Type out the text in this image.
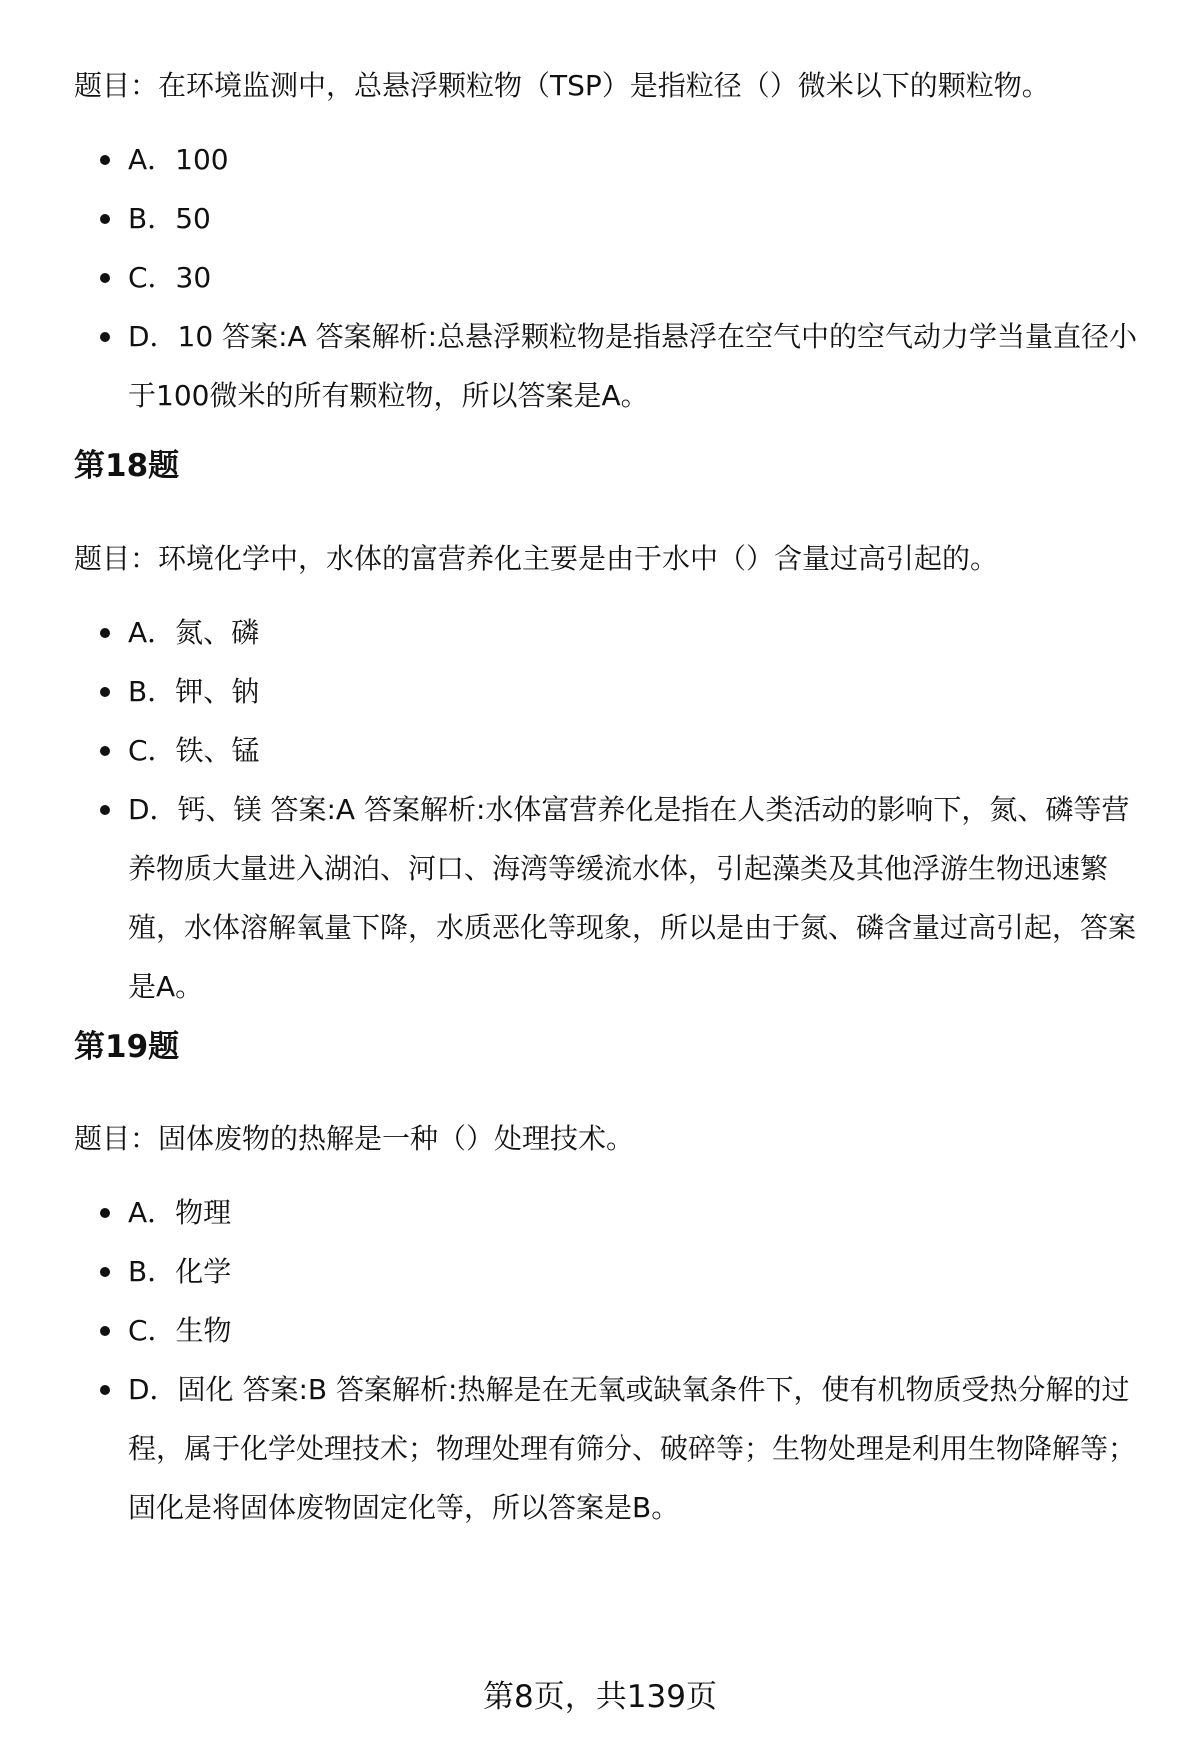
题目：在环境监测中，总悬浮颗粒物（TSP）是指粒径（）微米以下的颗粒物。

A．100
B．50
C．30
D．10 答案:A 答案解析:总悬浮颗粒物是指悬浮在空气中的空气动力学当量直径小于100微米的所有颗粒物，所以答案是A。
第18题

题目：环境化学中，水体的富营养化主要是由于水中（）含量过高引起的。

A．氮、磷
B．钾、钠
C．铁、锰
D．钙、镁 答案:A 答案解析:水体富营养化是指在人类活动的影响下，氮、磷等营养物质大量进入湖泊、河口、海湾等缓流水体，引起藻类及其他浮游生物迅速繁殖，水体溶解氧量下降，水质恶化等现象，所以是由于氮、磷含量过高引起，答案是A。
第19题

题目：固体废物的热解是一种（）处理技术。

A．物理
B．化学
C．生物
D．固化 答案:B 答案解析:热解是在无氧或缺氧条件下，使有机物质受热分解的过程，属于化学处理技术；物理处理有筛分、破碎等；生物处理是利用生物降解等；固化是将固体废物固定化等，所以答案是B。
第8页，共139页
